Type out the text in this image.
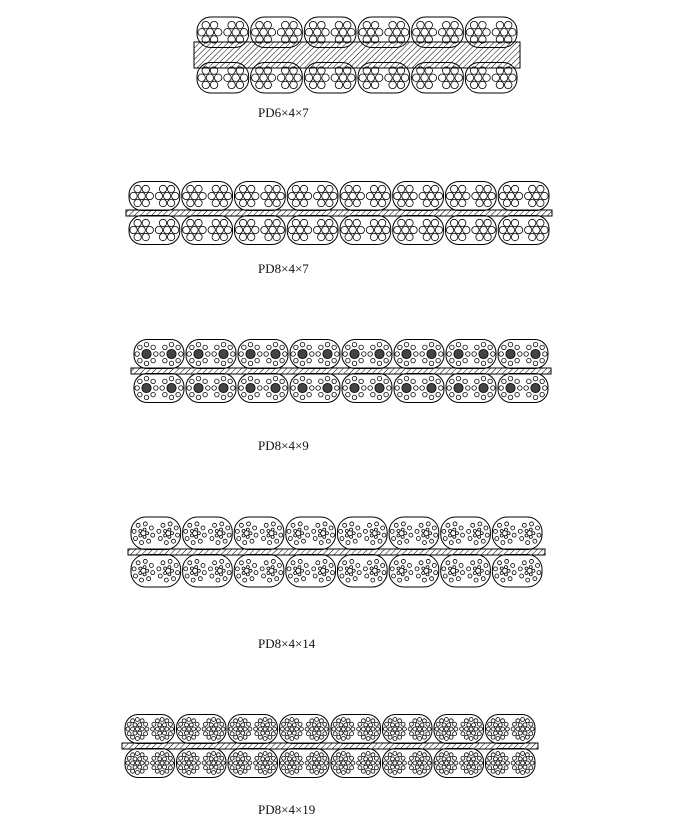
PD6×4×7
PD8×4×7
PD8×4×9
PD8×4×14
PD8×4×19
